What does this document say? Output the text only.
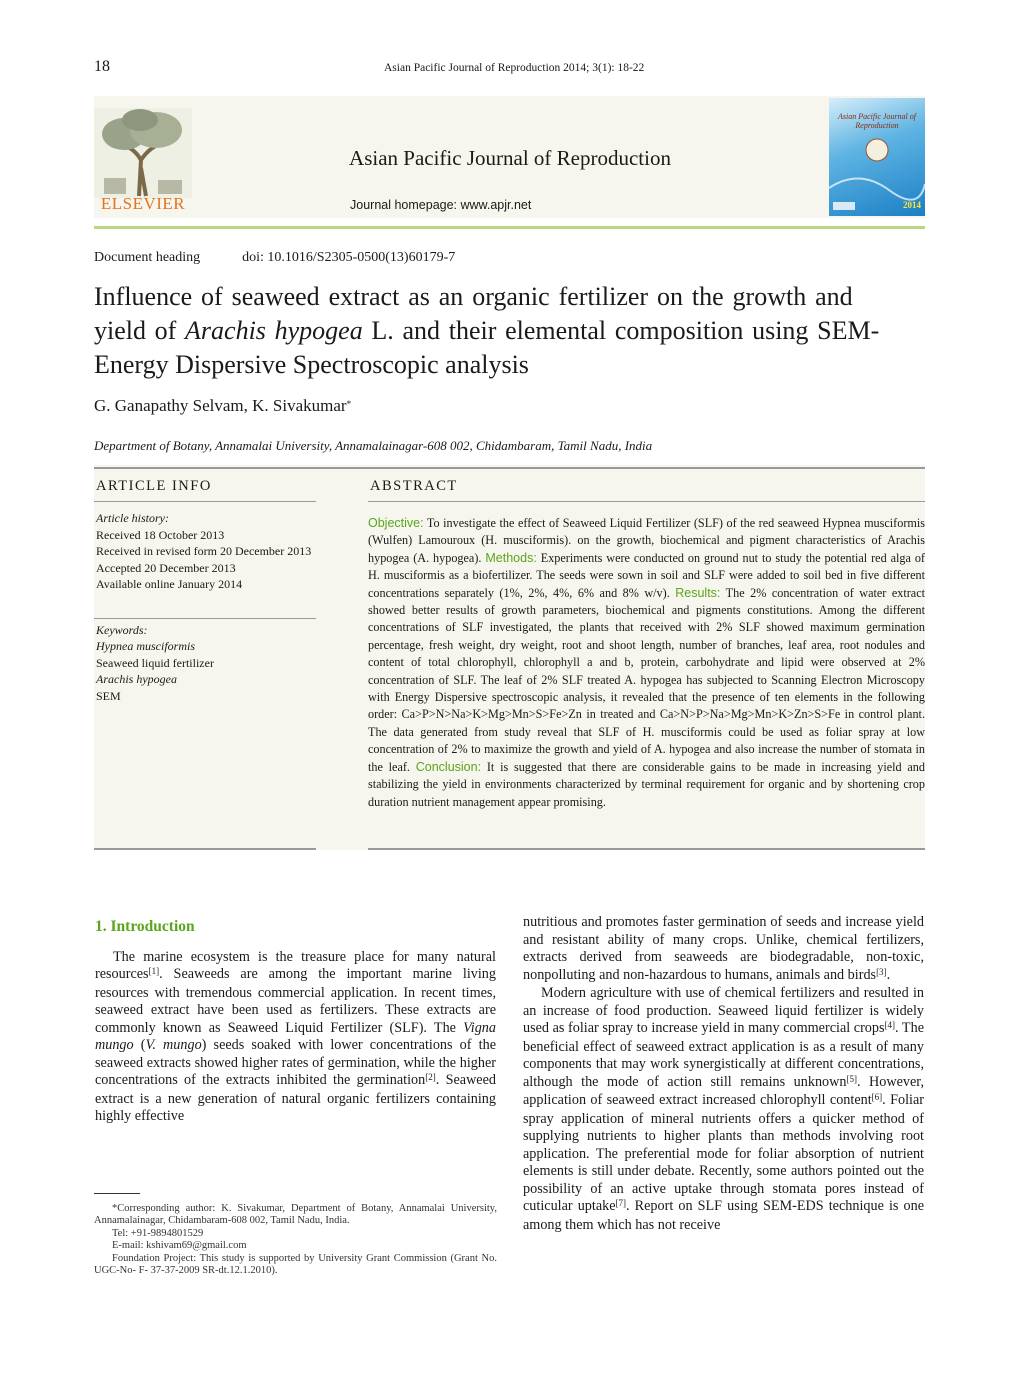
18	Asian Pacific Journal of Reproduction 2014; 3(1): 18-22
ELSEVIER
Asian Pacific Journal of Reproduction
Journal homepage: www.apjr.net
Asian Pacific Journal of Reproduction
2014
Document heading	doi: 10.1016/S2305-0500(13)60179-7
Influence of seaweed extract as an organic fertilizer on the growth and
yield of Arachis hypogea L. and their elemental composition using SEM-
Energy Dispersive Spectroscopic analysis
G. Ganapathy Selvam, K. Sivakumar*
Department of Botany, Annamalai University, Annamalainagar-608 002, Chidambaram, Tamil Nadu, India
ARTICLE INFO	ABSTRACT
Article history:
Received 18 October 2013
Received in revised form 20 December 2013
Accepted 20 December 2013
Available online January 2014
Keywords:
Hypnea musciformis
Seaweed liquid fertilizer
Arachis hypogea
SEM
Objective: To investigate the effect of Seaweed Liquid Fertilizer (SLF) of the red seaweed Hypnea musciformis (Wulfen) Lamouroux (H. musciformis). on the growth, biochemical and pigment characteristics of Arachis hypogea (A. hypogea). Methods: Experiments were conducted on ground nut to study the potential red alga of H. musciformis as a biofertilizer. The seeds were sown in soil and SLF were added to soil bed in five different concentrations separately (1%, 2%, 4%, 6% and 8% w/v). Results: The 2% concentration of water extract showed better results of growth parameters, biochemical and pigments constitutions. Among the different concentrations of SLF investigated, the plants that received with 2% SLF showed maximum germination percentage, fresh weight, dry weight, root and shoot length, number of branches, leaf area, root nodules and content of total chlorophyll, chlorophyll a and b, protein, carbohydrate and lipid were observed at 2% concentration of SLF. The leaf of 2% SLF treated A. hypogea has subjected to Scanning Electron Microscopy with Energy Dispersive spectroscopic analysis, it revealed that the presence of ten elements in the following order: Ca>P>N>Na>K>Mg>Mn>S>Fe>Zn in treated and Ca>N>P>Na>Mg>Mn>K>Zn>S>Fe in control plant. The data generated from study reveal that SLF of H. musciformis could be used as foliar spray at low concentration of 2% to maximize the growth and yield of A. hypogea and also increase the number of stomata in the leaf. Conclusion: It is suggested that there are considerable gains to be made in increasing yield and stabilizing the yield in environments characterized by terminal requirement for organic and by shortening crop duration nutrient management appear promising.
1. Introduction

The marine ecosystem is the treasure place for many natural resources[1]. Seaweeds are among the important marine living resources with tremendous commercial application. In recent times, seaweed extract have been used as fertilizers. These extracts are commonly known as Seaweed Liquid Fertilizer (SLF). The Vigna mungo (V. mungo) seeds soaked with lower concentrations of the seaweed extracts showed higher rates of germination, while the higher concentrations of the extracts inhibited the germination[2]. Seaweed extract is a new generation of natural organic fertilizers containing highly effective

nutritious and promotes faster germination of seeds and increase yield and resistant ability of many crops. Unlike, chemical fertilizers, extracts derived from seaweeds are biodegradable, non-toxic, nonpolluting and non-hazardous to humans, animals and birds[3].

Modern agriculture with use of chemical fertilizers and resulted in an increase of food production. Seaweed liquid fertilizer is widely used as foliar spray to increase yield in many commercial crops[4]. The beneficial effect of seaweed extract application is as a result of many components that may work synergistically at different concentrations, although the mode of action still remains unknown[5]. However, application of seaweed extract increased chlorophyll content[6]. Foliar spray application of mineral nutrients offers a quicker method of supplying nutrients to higher plants than methods involving root application. The preferential mode for foliar absorption of nutrient elements is still under debate. Recently, some authors pointed out the possibility of an active uptake through stomata pores instead of cuticular uptake[7]. Report on SLF using SEM-EDS technique is one among them which has not receive

*Corresponding author: K. Sivakumar, Department of Botany, Annamalai University, Annamalainagar, Chidambaram-608 002, Tamil Nadu, India.
Tel: +91-9894801529
E-mail: kshivam69@gmail.com
Foundation Project: This study is supported by University Grant Commission (Grant No. UGC-No- F- 37-37-2009 SR-dt.12.1.2010).
